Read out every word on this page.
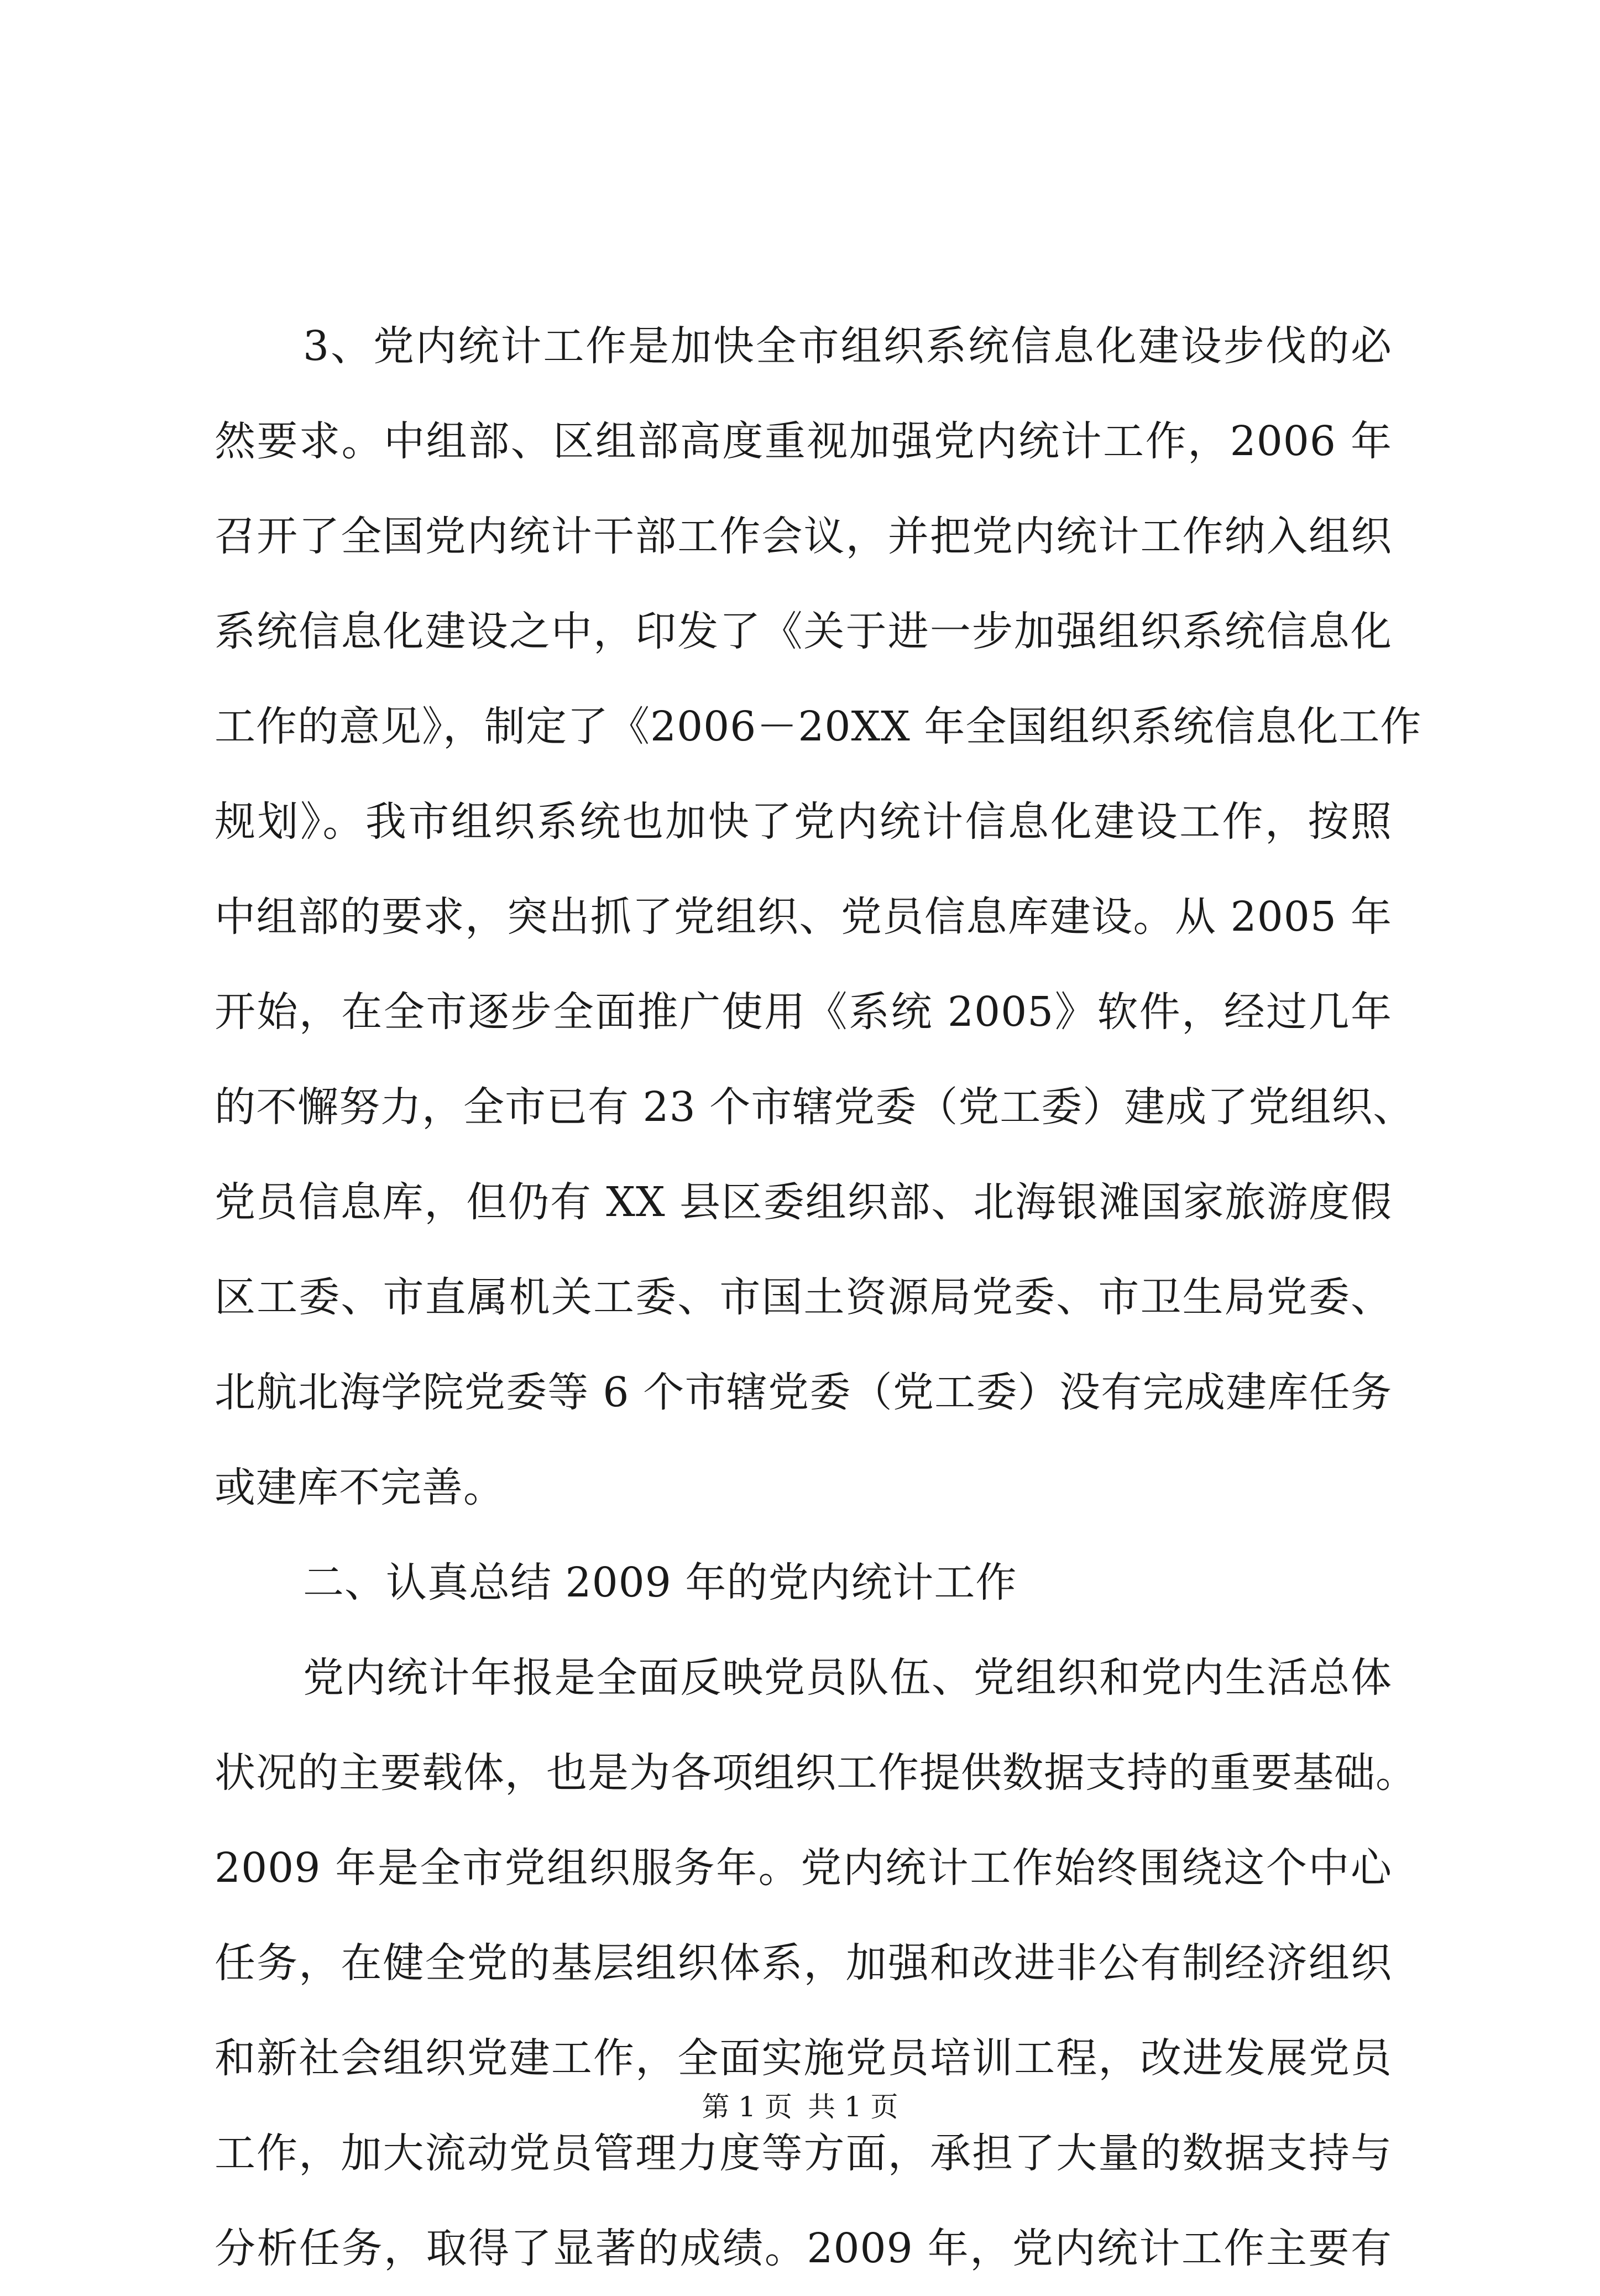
3、党内统计工作是加快全市组织系统信息化建设步伐的必
然要求。中组部、区组部高度重视加强党内统计工作，2006 年
召开了全国党内统计干部工作会议，并把党内统计工作纳入组织
系统信息化建设之中，印发了《关于进一步加强组织系统信息化
工作的意见》，制定了《2006－20XX 年全国组织系统信息化工作
规划》。我市组织系统也加快了党内统计信息化建设工作，按照
中组部的要求，突出抓了党组织、党员信息库建设。从 2005 年
开始，在全市逐步全面推广使用《系统 2005》软件，经过几年
的不懈努力，全市已有 23 个市辖党委（党工委）建成了党组织、
党员信息库，但仍有 XX 县区委组织部、北海银滩国家旅游度假
区工委、市直属机关工委、市国土资源局党委、市卫生局党委、
北航北海学院党委等 6 个市辖党委（党工委）没有完成建库任务
或建库不完善。
二、认真总结 2009 年的党内统计工作
党内统计年报是全面反映党员队伍、党组织和党内生活总体
状况的主要载体，也是为各项组织工作提供数据支持的重要基础。
2009 年是全市党组织服务年。党内统计工作始终围绕这个中心
任务，在健全党的基层组织体系，加强和改进非公有制经济组织
和新社会组织党建工作，全面实施党员培训工程，改进发展党员
工作，加大流动党员管理力度等方面，承担了大量的数据支持与
分析任务，取得了显著的成绩。2009 年，党内统计工作主要有
第 1 页 共 1 页
